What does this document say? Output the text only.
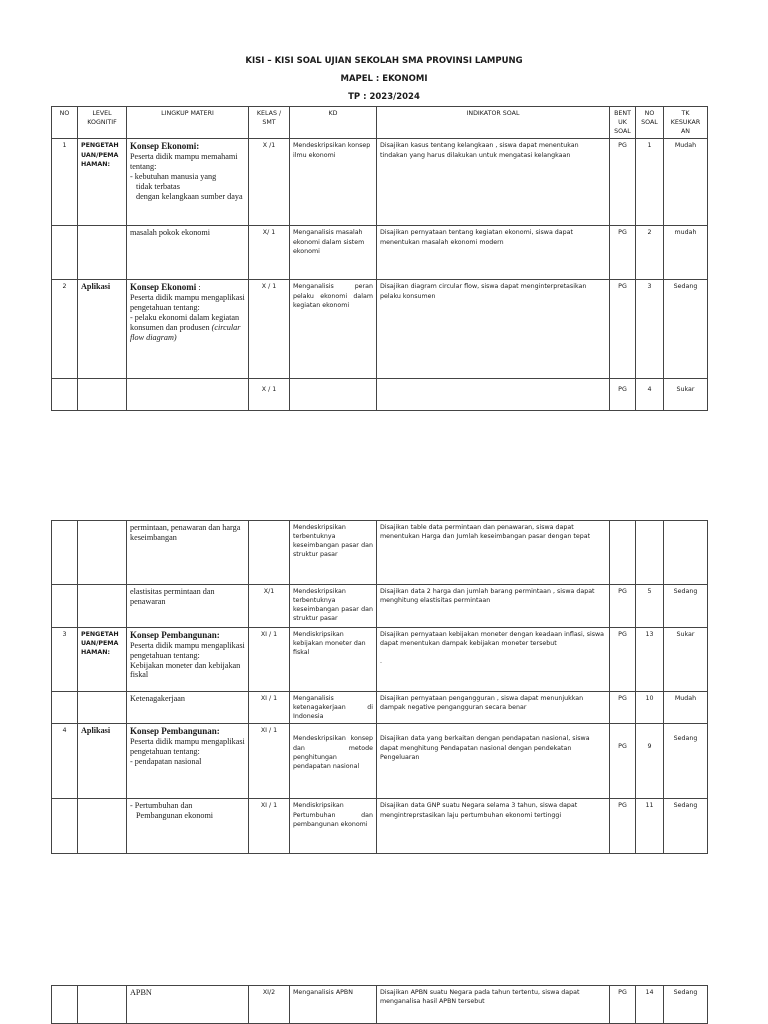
KISI – KISI SOAL UJIAN SEKOLAH SMA PROVINSI LAMPUNG
MAPEL : EKONOMI
TP : 2023/2024
NO	LEVEL KOGNITIF	LINGKUP MATERI	KELAS / SMT	KD	INDIKATOR SOAL	BENT UK SOAL	NO SOAL	TK KESUKAR AN
1	PENGETAH UAN/PEMA HAMAN:	Konsep Ekonomi:
Peserta didik mampu memahami tentang:
- kebutuhan manusia yang
tidak terbatas
dengan kelangkaan sumber daya	X /1	Mendeskripsikan konsep ilmu ekonomi	Disajikan kasus tentang kelangkaan , siswa dapat menentukan tindakan yang harus dilakukan untuk mengatasi kelangkaan	PG	1	Mudah
		masalah pokok ekonomi	X/ 1	Menganalisis masalah ekonomi dalam sistem ekonomi	Disajikan pernyataan tentang kegiatan ekonomi, siswa dapat menentukan masalah ekonomi modern	PG	2	mudah
2	Aplikasi	Konsep Ekonomi :
Peserta didik mampu mengaplikasi pengetahuan tentang:
- pelaku ekonomi dalam kegiatan konsumen dan produsen (circular flow diagram)	X / 1	Menganalisis peran pelaku ekonomi dalam kegiatan ekonomi	Disajikan diagram circular flow, siswa dapat menginterpretasikan pelaku konsumen	PG	3	Sedang
			X / 1			PG	4	Sukar
		permintaan, penawaran dan harga keseimbangan		Mendeskripsikan terbentuknya keseimbangan pasar dan struktur pasar	Disajikan table data permintaan dan penawaran, siswa dapat menentukan Harga dan Jumlah keseimbangan pasar dengan tepat			
		elastisitas permintaan dan penawaran	X/1	Mendeskripsikan terbentuknya keseimbangan pasar dan struktur pasar	Disajikan data 2 harga dan jumlah barang permintaan , siswa dapat menghitung elastisitas permintaan	PG	5	Sedang
3	PENGETAH UAN/PEMA HAMAN:	Konsep Pembangunan:
Peserta didik mampu mengaplikasi pengetahuan tentang:
Kebijakan moneter dan kebijakan fiskal	XI / 1	Mendiskripsikan kebijakan moneter dan fiskal	Disajikan pernyataan kebijakan moneter dengan keadaan inflasi, siswa dapat menentukan dampak kebijakan moneter tersebut

.	PG	13	Sukar
		Ketenagakerjaan	XI / 1	Menganalisis ketenagakerjaan di Indonesia	Disajikan pernyataan pengangguran , siswa dapat menunjukkan dampak negative pengangguran secara benar	PG	10	Mudah
4	Aplikasi	Konsep Pembangunan:
Peserta didik mampu mengaplikasi pengetahuan tentang:
- pendapatan nasional	XI / 1	Mendeskripsikan konsep dan metode penghitungan pendapatan nasional	Disajikan data yang berkaitan dengan pendapatan nasional, siswa dapat menghitung Pendapatan nasional dengan pendekatan Pengeluaran	PG	9	Sedang
		- Pertumbuhan dan
Pembangunan ekonomi	XI / 1	Mendiskripsikan Pertumbuhan dan pembangunan ekonomi	Disajikan data GNP suatu Negara selama 3 tahun, siswa dapat mengintreprstasikan laju pertumbuhan ekonomi tertinggi	PG	11	Sedang
		APBN	XI/2	Menganalisis APBN	Disajikan APBN suatu Negara pada tahun tertentu, siswa dapat menganalisa hasil APBN tersebut	PG	14	Sedang
